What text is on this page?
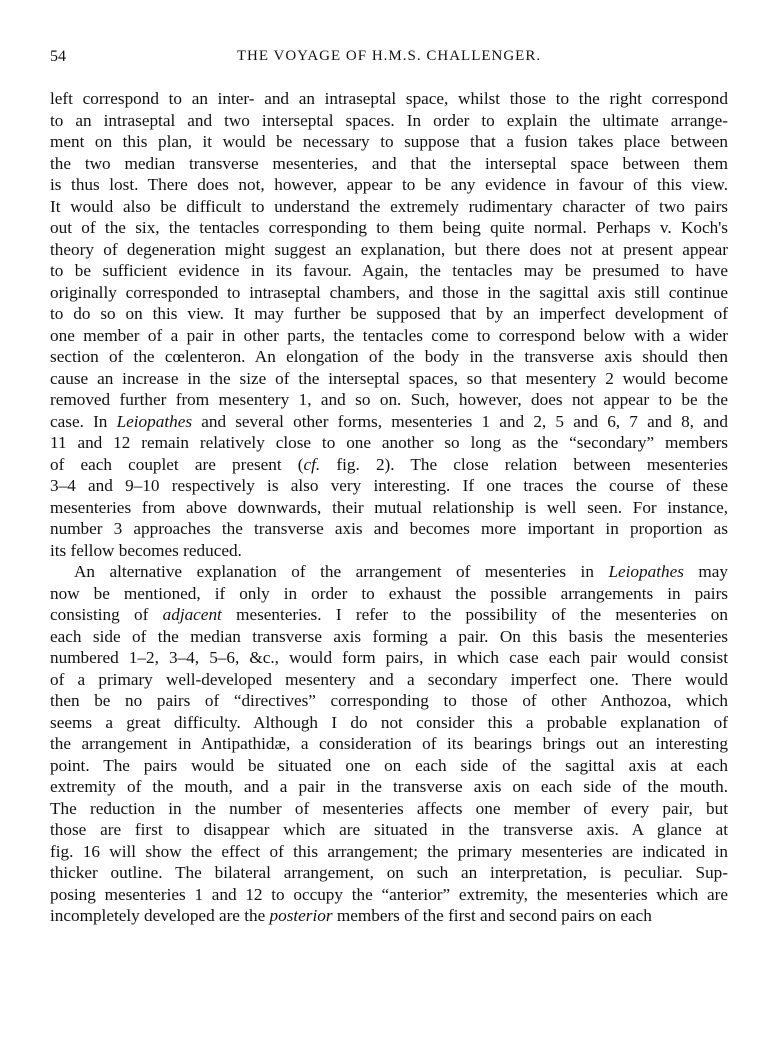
54	THE VOYAGE OF H.M.S. CHALLENGER.
left correspond to an inter- and an intraseptal space, whilst those to the right correspond
to an intraseptal and two interseptal spaces. In order to explain the ultimate arrange-
ment on this plan, it would be necessary to suppose that a fusion takes place between
the two median transverse mesenteries, and that the interseptal space between them
is thus lost. There does not, however, appear to be any evidence in favour of this view.
It would also be difficult to understand the extremely rudimentary character of two pairs
out of the six, the tentacles corresponding to them being quite normal. Perhaps v. Koch's
theory of degeneration might suggest an explanation, but there does not at present appear
to be sufficient evidence in its favour. Again, the tentacles may be presumed to have
originally corresponded to intraseptal chambers, and those in the sagittal axis still continue
to do so on this view. It may further be supposed that by an imperfect development of
one member of a pair in other parts, the tentacles come to correspond below with a wider
section of the cœlenteron. An elongation of the body in the transverse axis should then
cause an increase in the size of the interseptal spaces, so that mesentery 2 would become
removed further from mesentery 1, and so on. Such, however, does not appear to be the
case. In Leiopathes and several other forms, mesenteries 1 and 2, 5 and 6, 7 and 8, and
11 and 12 remain relatively close to one another so long as the “secondary” members
of each couplet are present (cf. fig. 2). The close relation between mesenteries
3–4 and 9–10 respectively is also very interesting. If one traces the course of these
mesenteries from above downwards, their mutual relationship is well seen. For instance,
number 3 approaches the transverse axis and becomes more important in proportion as
its fellow becomes reduced.
An alternative explanation of the arrangement of mesenteries in Leiopathes may
now be mentioned, if only in order to exhaust the possible arrangements in pairs
consisting of adjacent mesenteries. I refer to the possibility of the mesenteries on
each side of the median transverse axis forming a pair. On this basis the mesenteries
numbered 1–2, 3–4, 5–6, &c., would form pairs, in which case each pair would consist
of a primary well-developed mesentery and a secondary imperfect one. There would
then be no pairs of “directives” corresponding to those of other Anthozoa, which
seems a great difficulty. Although I do not consider this a probable explanation of
the arrangement in Antipathidæ, a consideration of its bearings brings out an interesting
point. The pairs would be situated one on each side of the sagittal axis at each
extremity of the mouth, and a pair in the transverse axis on each side of the mouth.
The reduction in the number of mesenteries affects one member of every pair, but
those are first to disappear which are situated in the transverse axis. A glance at
fig. 16 will show the effect of this arrangement; the primary mesenteries are indicated in
thicker outline. The bilateral arrangement, on such an interpretation, is peculiar. Sup-
posing mesenteries 1 and 12 to occupy the “anterior” extremity, the mesenteries which are
incompletely developed are the posterior members of the first and second pairs on each
